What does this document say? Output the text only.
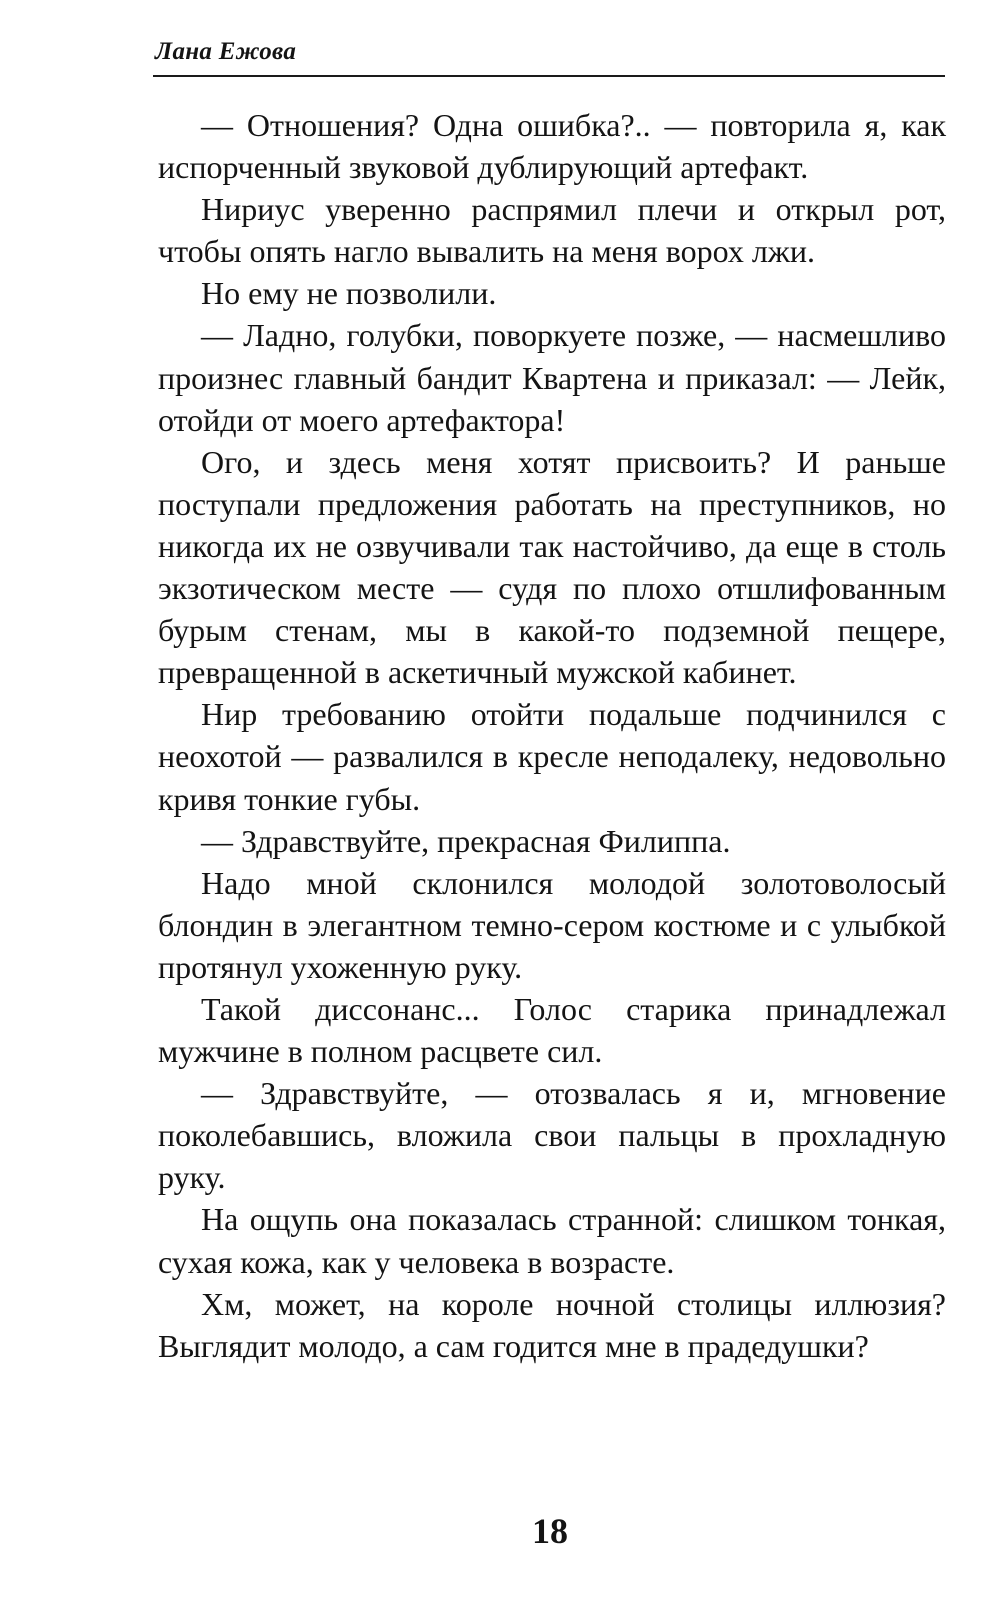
Лана Ежова

— Отношения? Одна ошибка?.. — повторила я, как испорченный звуковой дублирующий артефакт.

Нириус уверенно распрямил плечи и открыл рот, чтобы опять нагло вывалить на меня ворох лжи.

Но ему не позволили.

— Ладно, голубки, поворкуете позже, — насмешливо произнес главный бандит Квартена и приказал: — Лейк, отойди от моего артефактора!

Ого, и здесь меня хотят присвоить? И раньше поступали предложения работать на преступников, но никогда их не озвучивали так настойчиво, да еще в столь экзотическом месте — судя по плохо отшлифованным бурым стенам, мы в какой-то подземной пещере, превращенной в аскетичный мужской кабинет.

Нир требованию отойти подальше подчинился с неохотой — развалился в кресле неподалеку, недовольно кривя тонкие губы.

— Здравствуйте, прекрасная Филиппа.

Надо мной склонился молодой золотоволосый блондин в элегантном темно-сером костюме и с улыбкой протянул ухоженную руку.

Такой диссонанс... Голос старика принадлежал мужчине в полном расцвете сил.

— Здравствуйте, — отозвалась я и, мгновение поколебавшись, вложила свои пальцы в прохладную руку.

На ощупь она показалась странной: слишком тонкая, сухая кожа, как у человека в возрасте.

Хм, может, на короле ночной столицы иллюзия? Выглядит молодо, а сам годится мне в прадедушки?

18
